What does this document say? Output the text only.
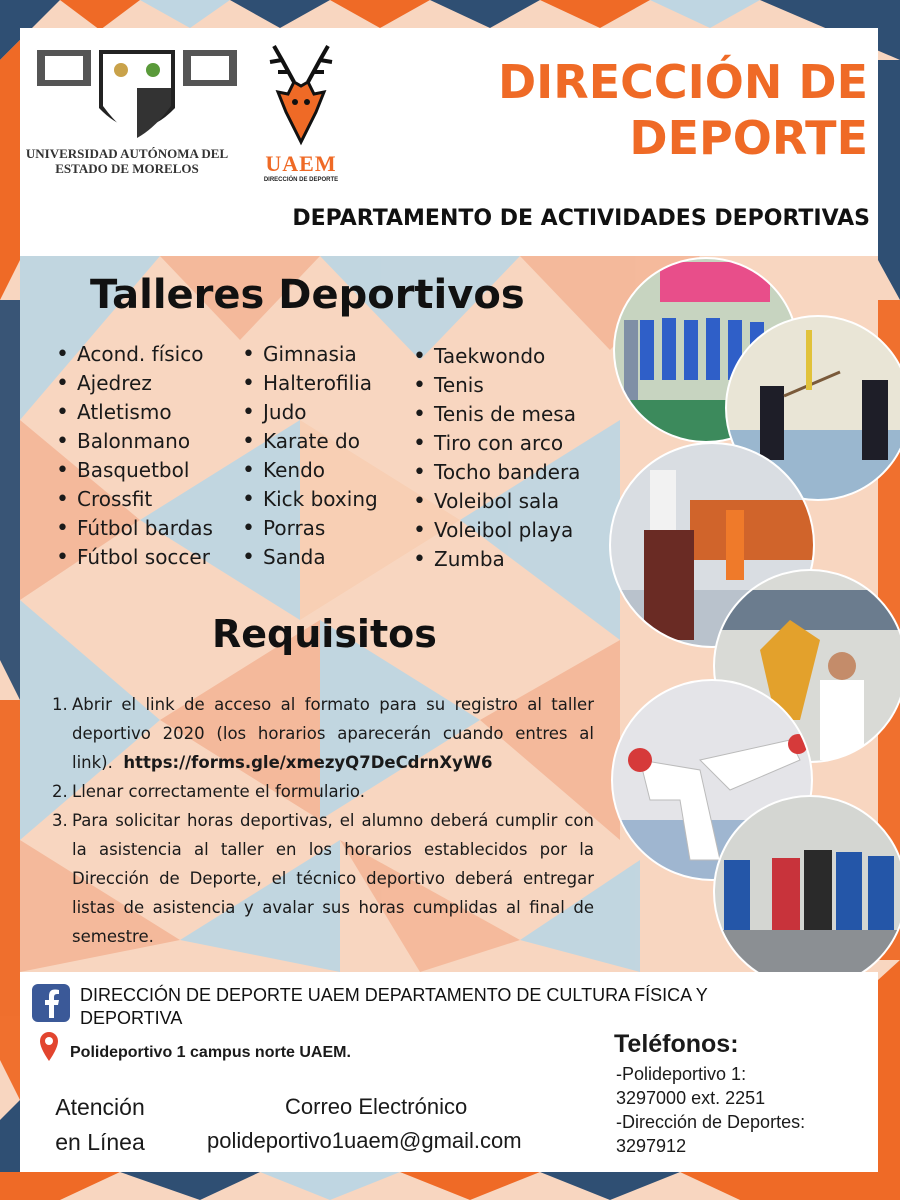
UNIVERSIDAD AUTÓNOMA DEL
ESTADO DE MORELOS	UAEM
DIRECCIÓN DE DEPORTE
DIRECCIÓN DE
DEPORTE
DEPARTAMENTO DE ACTIVIDADES DEPORTIVAS
Talleres Deportivos
• Acond. físico
• Ajedrez
• Atletismo
• Balonmano
• Basquetbol
• Crossfit
• Fútbol bardas
• Fútbol soccer
• Gimnasia
• Halterofilia
• Judo
• Karate do
• Kendo
• Kick boxing
• Porras
• Sanda
• Taekwondo
• Tenis
• Tenis de mesa
• Tiro con arco
• Tocho bandera
• Voleibol sala
• Voleibol playa
• Zumba
Requisitos
1. Abrir el link de acceso al formato para su registro al taller deportivo 2020 (los horarios aparecerán cuando entres al link). https://forms.gle/xmezyQ7DeCdrnXyW6
2. Llenar correctamente el formulario.
3. Para solicitar horas deportivas, el alumno deberá cumplir con la asistencia al taller en los horarios establecidos por la Dirección de Deporte, el técnico deportivo deberá entregar listas de asistencia y avalar sus horas cumplidas al final de semestre.
DIRECCIÓN DE DEPORTE UAEM DEPARTAMENTO DE CULTURA FÍSICA Y DEPORTIVA
Polideportivo 1 campus norte UAEM.
Atención
en Línea
Correo Electrónico
polideportivo1uaem@gmail.com
Teléfonos:
-Polideportivo 1:
3297000 ext. 2251
-Dirección de Deportes:
3297912
